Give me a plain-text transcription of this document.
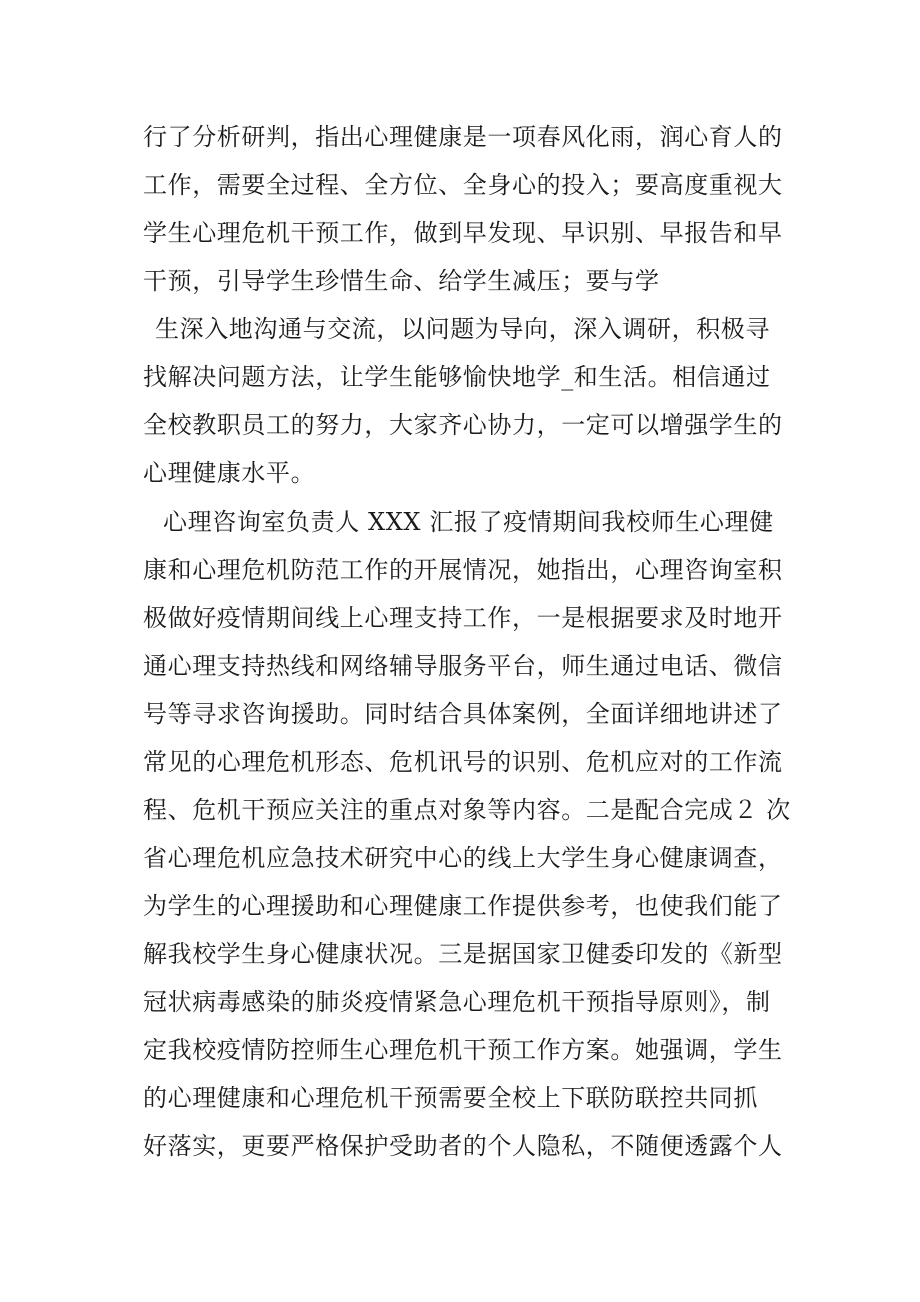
行了分析研判，指出心理健康是一项春风化雨，润心育人的
工作，需要全过程、全方位、全身心的投入；要高度重视大
学生心理危机干预工作，做到早发现、早识别、早报告和早
干预，引导学生珍惜生命、给学生减压；要与学
生深入地沟通与交流，以问题为导向，深入调研，积极寻
找解决问题方法，让学生能够愉快地学_和生活。相信通过
全校教职员工的努力，大家齐心协力，一定可以增强学生的
心理健康水平。
心理咨询室负责人 XXX 汇报了疫情期间我校师生心理健
康和心理危机防范工作的开展情况，她指出，心理咨询室积
极做好疫情期间线上心理支持工作，一是根据要求及时地开
通心理支持热线和网络辅导服务平台，师生通过电话、微信
号等寻求咨询援助。同时结合具体案例，全面详细地讲述了
常见的心理危机形态、危机讯号的识别、危机应对的工作流
程、危机干预应关注的重点对象等内容。二是配合完成２ 次
省心理危机应急技术研究中心的线上大学生身心健康调查，
为学生的心理援助和心理健康工作提供参考，也使我们能了
解我校学生身心健康状况。三是据国家卫健委印发的《新型
冠状病毒感染的肺炎疫情紧急心理危机干预指导原则》，制
定我校疫情防控师生心理危机干预工作方案。她强调，学生
的心理健康和心理危机干预需要全校上下联防联控共同抓
好落实，更要严格保护受助者的个人隐私，不随便透露个人
